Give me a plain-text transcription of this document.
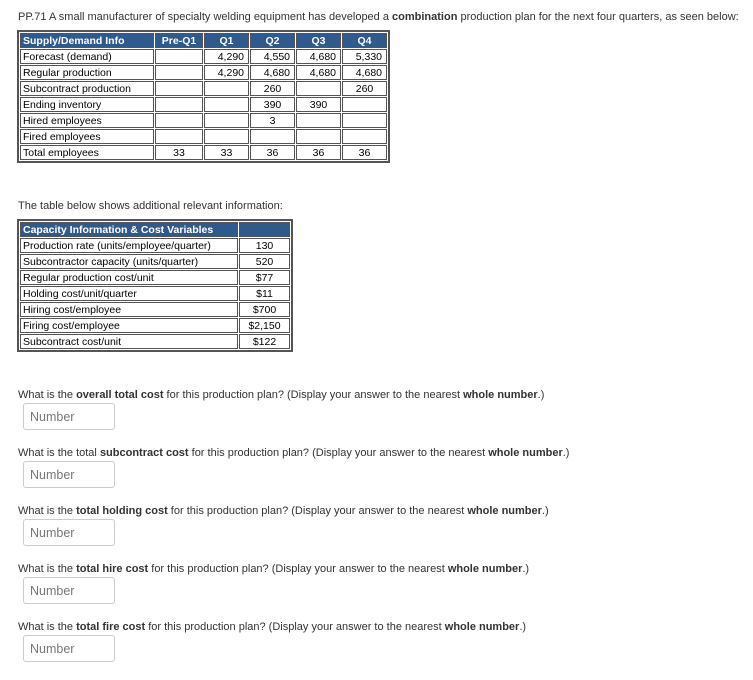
PP.71 A small manufacturer of specialty welding equipment has developed a combination production plan for the next four quarters, as seen below:
Supply/Demand Info	Pre-Q1	Q1	Q2	Q3	Q4
Forecast (demand)		4,290	4,550	4,680	5,330
Regular production		4,290	4,680	4,680	4,680
Subcontract production			260		260
Ending inventory			390	390	
Hired employees			3		
Fired employees					
Total employees	33	33	36	36	36
The table below shows additional relevant information:
Capacity Information & Cost Variables	
Production rate (units/employee/quarter)	130
Subcontractor capacity (units/quarter)	520
Regular production cost/unit	$77
Holding cost/unit/quarter	$11
Hiring cost/employee	$700
Firing cost/employee	$2,150
Subcontract cost/unit	$122
What is the overall total cost for this production plan? (Display your answer to the nearest whole number.)
Number
What is the total subcontract cost for this production plan? (Display your answer to the nearest whole number.)
Number
What is the total holding cost for this production plan? (Display your answer to the nearest whole number.)
Number
What is the total hire cost for this production plan? (Display your answer to the nearest whole number.)
Number
What is the total fire cost for this production plan? (Display your answer to the nearest whole number.)
Number
